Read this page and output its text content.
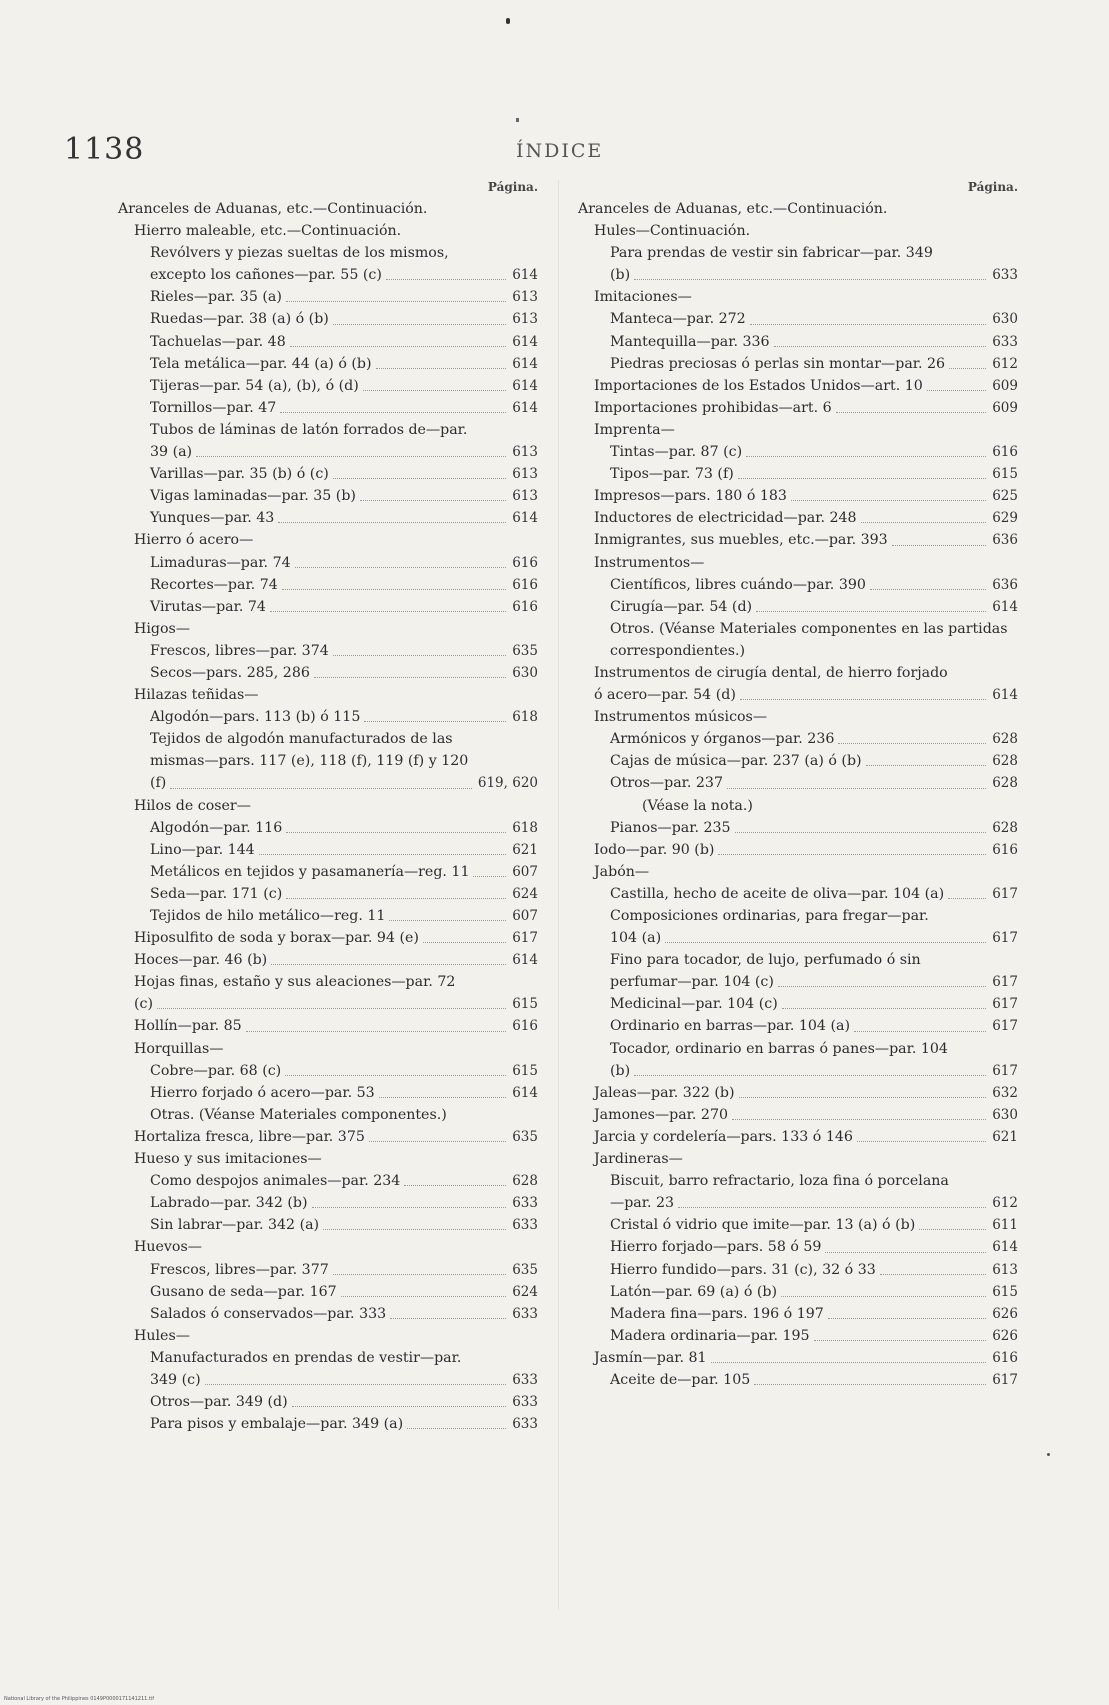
1138	ÍNDICE
Página.
Aranceles de Aduanas, etc.—Continuación.
Hierro maleable, etc.—Continuación.
Revólvers y piezas sueltas de los mismos, excepto los cañones—par. 55 (c)	614
Rieles—par. 35 (a)	613
Ruedas—par. 38 (a) ó (b)	613
Tachuelas—par. 48	614
Tela metálica—par. 44 (a) ó (b)	614
Tijeras—par. 54 (a), (b), ó (d)	614
Tornillos—par. 47	614
Tubos de láminas de latón forrados de—par. 39 (a)	613
Varillas—par. 35 (b) ó (c)	613
Vigas laminadas—par. 35 (b)	613
Yunques—par. 43	614
Hierro ó acero—
Limaduras—par. 74	616
Recortes—par. 74	616
Virutas—par. 74	616
Higos—
Frescos, libres—par. 374	635
Secos—pars. 285, 286	630
Hilazas teñidas—
Algodón—pars. 113 (b) ó 115	618
Tejidos de algodón manufacturados de las mismas—pars. 117 (e), 118 (f), 119 (f) y 120 (f)	619, 620
Hilos de coser—
Algodón—par. 116	618
Lino—par. 144	621
Metálicos en tejidos y pasamanería—reg. 11	607
Seda—par. 171 (c)	624
Tejidos de hilo metálico—reg. 11	607
Hiposulfito de soda y borax—par. 94 (e)	617
Hoces—par. 46 (b)	614
Hojas finas, estaño y sus aleaciones—par. 72 (c)	615
Hollín—par. 85	616
Horquillas—
Cobre—par. 68 (c)	615
Hierro forjado ó acero—par. 53	614
Otras. (Véanse Materiales componentes.)
Hortaliza fresca, libre—par. 375	635
Hueso y sus imitaciones—
Como despojos animales—par. 234	628
Labrado—par. 342 (b)	633
Sin labrar—par. 342 (a)	633
Huevos—
Frescos, libres—par. 377	635
Gusano de seda—par. 167	624
Salados ó conservados—par. 333	633
Hules—
Manufacturados en prendas de vestir—par. 349 (c)	633
Otros—par. 349 (d)	633
Para pisos y embalaje—par. 349 (a)	633
Página.
Aranceles de Aduanas, etc.—Continuación.
Hules—Continuación.
Para prendas de vestir sin fabricar—par. 349 (b)	633
Imitaciones—
Manteca—par. 272	630
Mantequilla—par. 336	633
Piedras preciosas ó perlas sin montar—par. 26	612
Importaciones de los Estados Unidos—art. 10	609
Importaciones prohibidas—art. 6	609
Imprenta—
Tintas—par. 87 (c)	616
Tipos—par. 73 (f)	615
Impresos—pars. 180 ó 183	625
Inductores de electricidad—par. 248	629
Inmigrantes, sus muebles, etc.—par. 393	636
Instrumentos—
Científicos, libres cuándo—par. 390	636
Cirugía—par. 54 (d)	614
Otros. (Véanse Materiales componentes en las partidas correspondientes.)
Instrumentos de cirugía dental, de hierro forjado ó acero—par. 54 (d)	614
Instrumentos músicos—
Armónicos y órganos—par. 236	628
Cajas de música—par. 237 (a) ó (b)	628
Otros—par. 237	628
(Véase la nota.)
Pianos—par. 235	628
Iodo—par. 90 (b)	616
Jabón—
Castilla, hecho de aceite de oliva—par. 104 (a)	617
Composiciones ordinarias, para fregar—par. 104 (a)	617
Fino para tocador, de lujo, perfumado ó sin perfumar—par. 104 (c)	617
Medicinal—par. 104 (c)	617
Ordinario en barras—par. 104 (a)	617
Tocador, ordinario en barras ó panes—par. 104 (b)	617
Jaleas—par. 322 (b)	632
Jamones—par. 270	630
Jarcia y cordelería—pars. 133 ó 146	621
Jardineras—
Biscuit, barro refractario, loza fina ó porcelana—par. 23	612
Cristal ó vidrio que imite—par. 13 (a) ó (b)	611
Hierro forjado—pars. 58 ó 59	614
Hierro fundido—pars. 31 (c), 32 ó 33	613
Latón—par. 69 (a) ó (b)	615
Madera fina—pars. 196 ó 197	626
Madera ordinaria—par. 195	626
Jasmín—par. 81	616
Aceite de—par. 105	617
National Library of the Philippines 0149P0000171141211.tif
